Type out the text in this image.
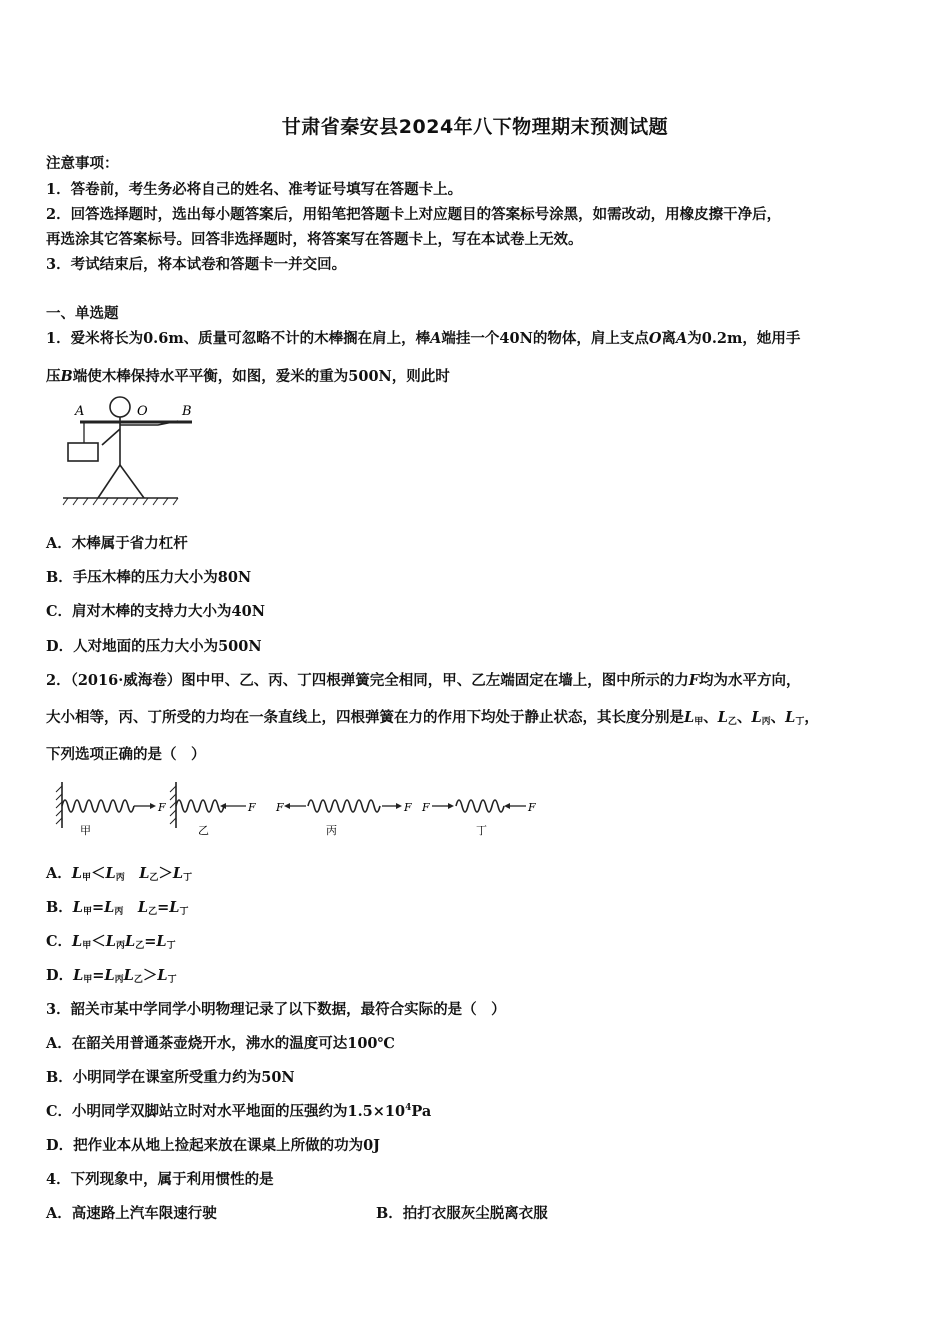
甘肃省秦安县2024年八下物理期末预测试题
注意事项：
1．答卷前，考生务必将自己的姓名、准考证号填写在答题卡上。
2．回答选择题时，选出每小题答案后，用铅笔把答题卡上对应题目的答案标号涂黑，如需改动，用橡皮擦干净后，
再选涂其它答案标号。回答非选择题时，将答案写在答题卡上，写在本试卷上无效。
3．考试结束后，将本试卷和答题卡一并交回。
一、单选题
1．爱米将长为0.6m、质量可忽略不计的木棒搁在肩上，棒A端挂一个40N的物体，肩上支点O离A为0.2m，她用手
压B端使木棒保持水平平衡，如图，爱米的重为500N，则此时
A	O	B
A．木棒属于省力杠杆
B．手压木棒的压力大小为80N
C．肩对木棒的支持力大小为40N
D．人对地面的压力大小为500N
2．（2016·威海卷）图中甲、乙、丙、丁四根弹簧完全相同，甲、乙左端固定在墙上，图中所示的力F均为水平方向，
大小相等，丙、丁所受的力均在一条直线上，四根弹簧在力的作用下均处于静止状态，其长度分别是$L_甲$、$L_乙$、$L_丙$、$L_丁$，
下列选项正确的是（　）
F
甲
F
乙
F	F
丙
F	F
丁
A．$L_甲<L_丙$　 $L_乙>L_丁$
B．$L_甲=L_丙$　 $L_乙=L_丁$
C．$L_甲<L_丙L_乙=L_丁$
D．$L_甲=L_丙L_乙>L_丁$
3．韶关市某中学同学小明物理记录了以下数据，最符合实际的是（　）
A．在韶关用普通茶壶烧开水，沸水的温度可达100℃
B．小明同学在课室所受重力约为50N
C．小明同学双脚站立时对水平地面的压强约为$1.5\times 10^4Pa$
D．把作业本从地上捡起来放在课桌上所做的功为0J
4．下列现象中，属于利用惯性的是
A．高速路上汽车限速行驶	B．拍打衣服灰尘脱离衣服
